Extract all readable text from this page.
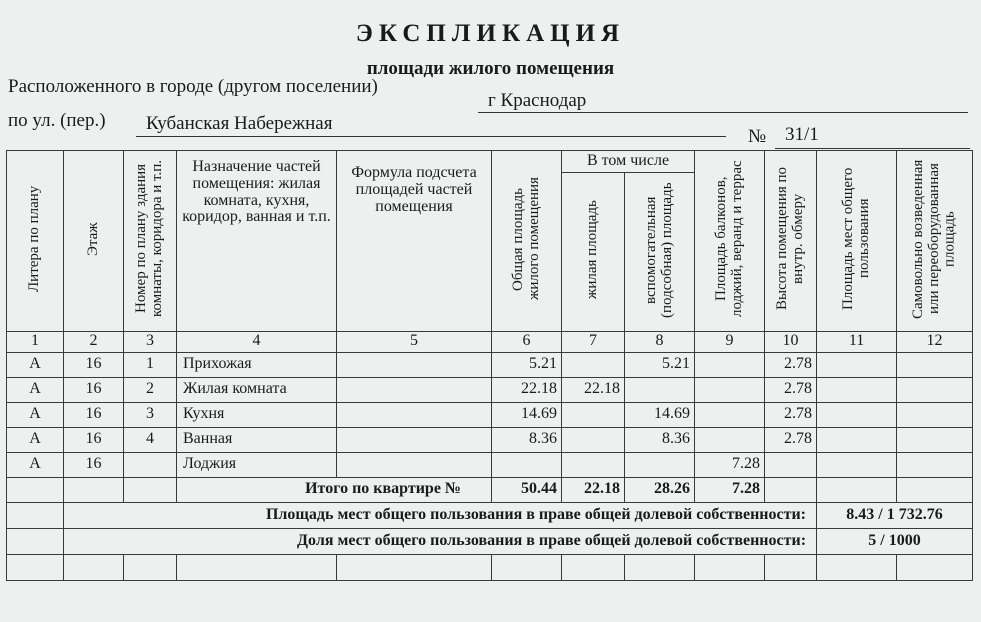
ЭКСПЛИКАЦИЯ
площади жилого помещения
Расположенного в городе (другом поселении)
г Краснодар
по ул. (пер.) Кубанская Набережная
№ 31/1
Литера по плану	Этаж	Номер по плану здания комнаты, коридора и т.п.	Назначение частей помещения: жилая комната, кухня, коридор, ванная и т.п.	Формула подсчета площадей частей помещения	Общая площадь жилого помещения	В том числе		Площадь балконов, лоджий, веранд и террас	Высота помещения по внутр. обмеру	Площадь мест общего пользования	Самовольно возведенная или переоборудованная площадь
						жилая площадь	вспомогательная (подсобная) площадь				
1	2	3	4	5	6	7	8	9	10	11	12
А	16	1	Прихожая		5.21		5.21		2.78		
А	16	2	Жилая комната		22.18	22.18			2.78		
А	16	3	Кухня		14.69		14.69		2.78		
А	16	4	Ванная		8.36		8.36		2.78		
А	16		Лоджия					7.28			
			Итого по квартире №		50.44	22.18	28.26	7.28			
	Площадь мест общего пользования в праве общей долевой собственности:									8.43 / 1 732.76	
	Доля мест общего пользования в праве общей долевой собственности:									5 / 1000	
